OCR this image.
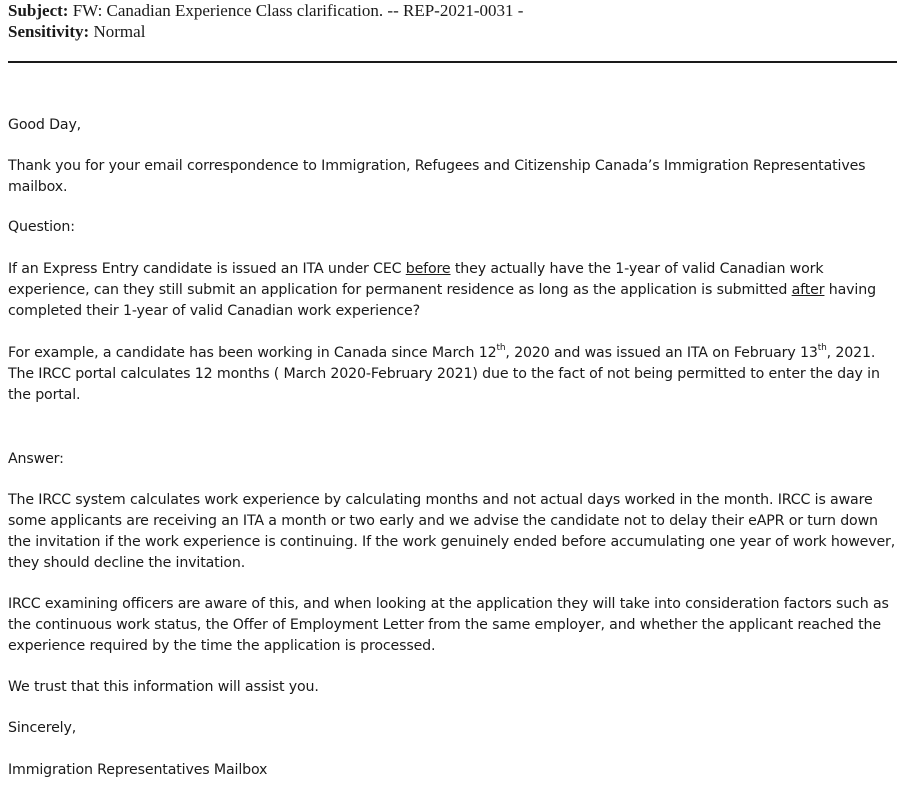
Subject: FW: Canadian Experience Class clarification. -- REP-2021-0031 -
Sensitivity: Normal

Good Day,

Thank you for your email correspondence to Immigration, Refugees and Citizenship Canada’s Immigration Representatives mailbox.

Question:

If an Express Entry candidate is issued an ITA under CEC before they actually have the 1-year of valid Canadian work experience, can they still submit an application for permanent residence as long as the application is submitted after having completed their 1-year of valid Canadian work experience?

For example, a candidate has been working in Canada since March 12th, 2020 and was issued an ITA on February 13th, 2021. The IRCC portal calculates 12 months ( March 2020-February 2021) due to the fact of not being permitted to enter the day in the portal.

Answer:

The IRCC system calculates work experience by calculating months and not actual days worked in the month. IRCC is aware some applicants are receiving an ITA a month or two early and we advise the candidate not to delay their eAPR or turn down the invitation if the work experience is continuing. If the work genuinely ended before accumulating one year of work however, they should decline the invitation.

IRCC examining officers are aware of this, and when looking at the application they will take into consideration factors such as the continuous work status, the Offer of Employment Letter from the same employer, and whether the applicant reached the experience required by the time the application is processed.

We trust that this information will assist you.

Sincerely,

Immigration Representatives Mailbox
